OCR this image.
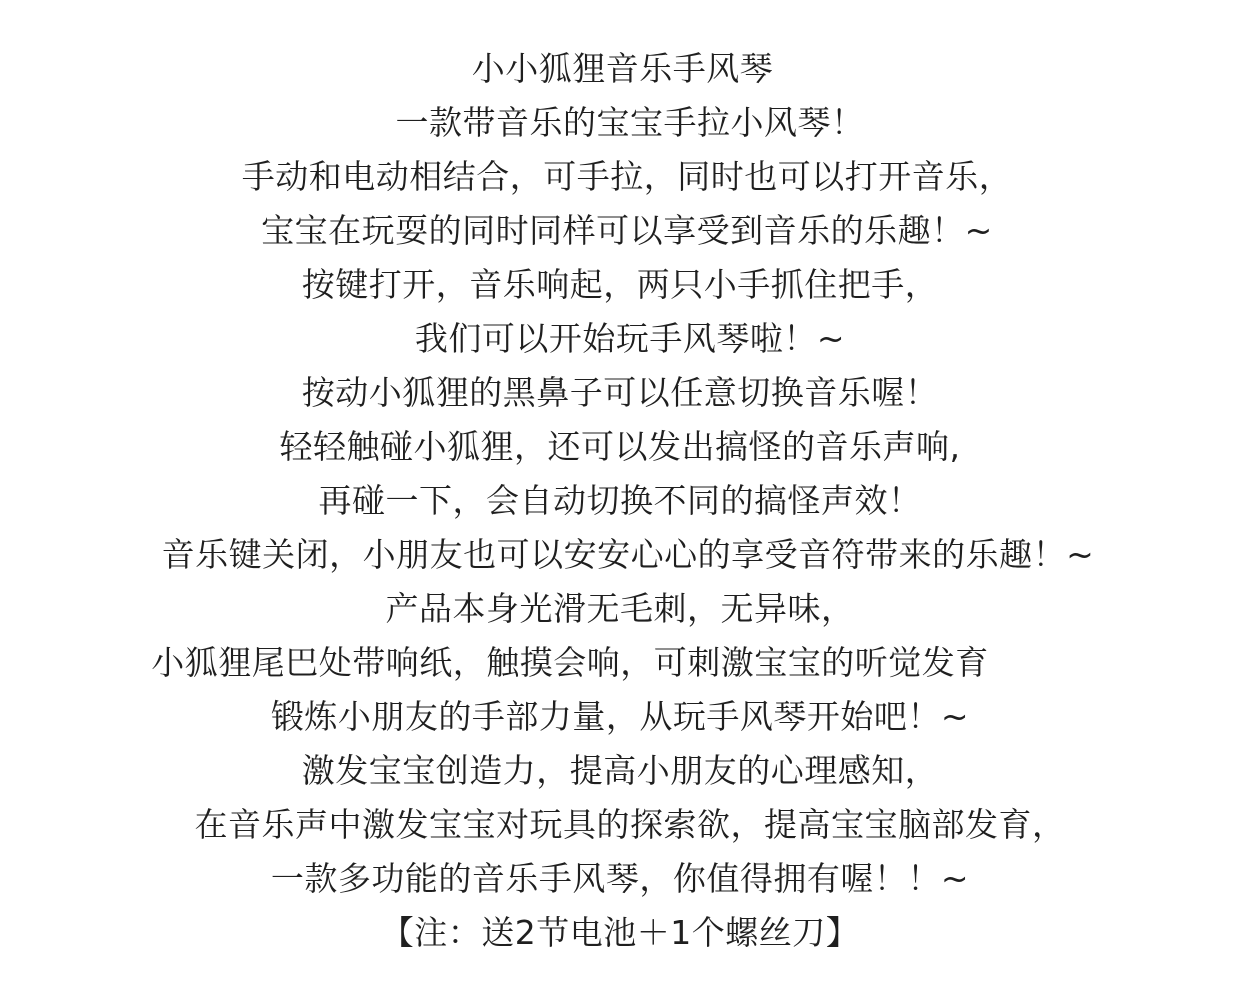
小小狐狸音乐手风琴
一款带音乐的宝宝手拉小风琴！
手动和电动相结合，可手拉，同时也可以打开音乐，
宝宝在玩耍的同时同样可以享受到音乐的乐趣！~
按键打开，音乐响起，两只小手抓住把手，
我们可以开始玩手风琴啦！~
按动小狐狸的黑鼻子可以任意切换音乐喔！
轻轻触碰小狐狸，还可以发出搞怪的音乐声响,
再碰一下，会自动切换不同的搞怪声效！
音乐键关闭，小朋友也可以安安心心的享受音符带来的乐趣！~
产品本身光滑无毛刺，无异味，
小狐狸尾巴处带响纸，触摸会响，可刺激宝宝的听觉发育
锻炼小朋友的手部力量，从玩手风琴开始吧！~
激发宝宝创造力，提高小朋友的心理感知，
在音乐声中激发宝宝对玩具的探索欲，提高宝宝脑部发育，
一款多功能的音乐手风琴，你值得拥有喔！！~
【注：送2节电池＋1个螺丝刀】
